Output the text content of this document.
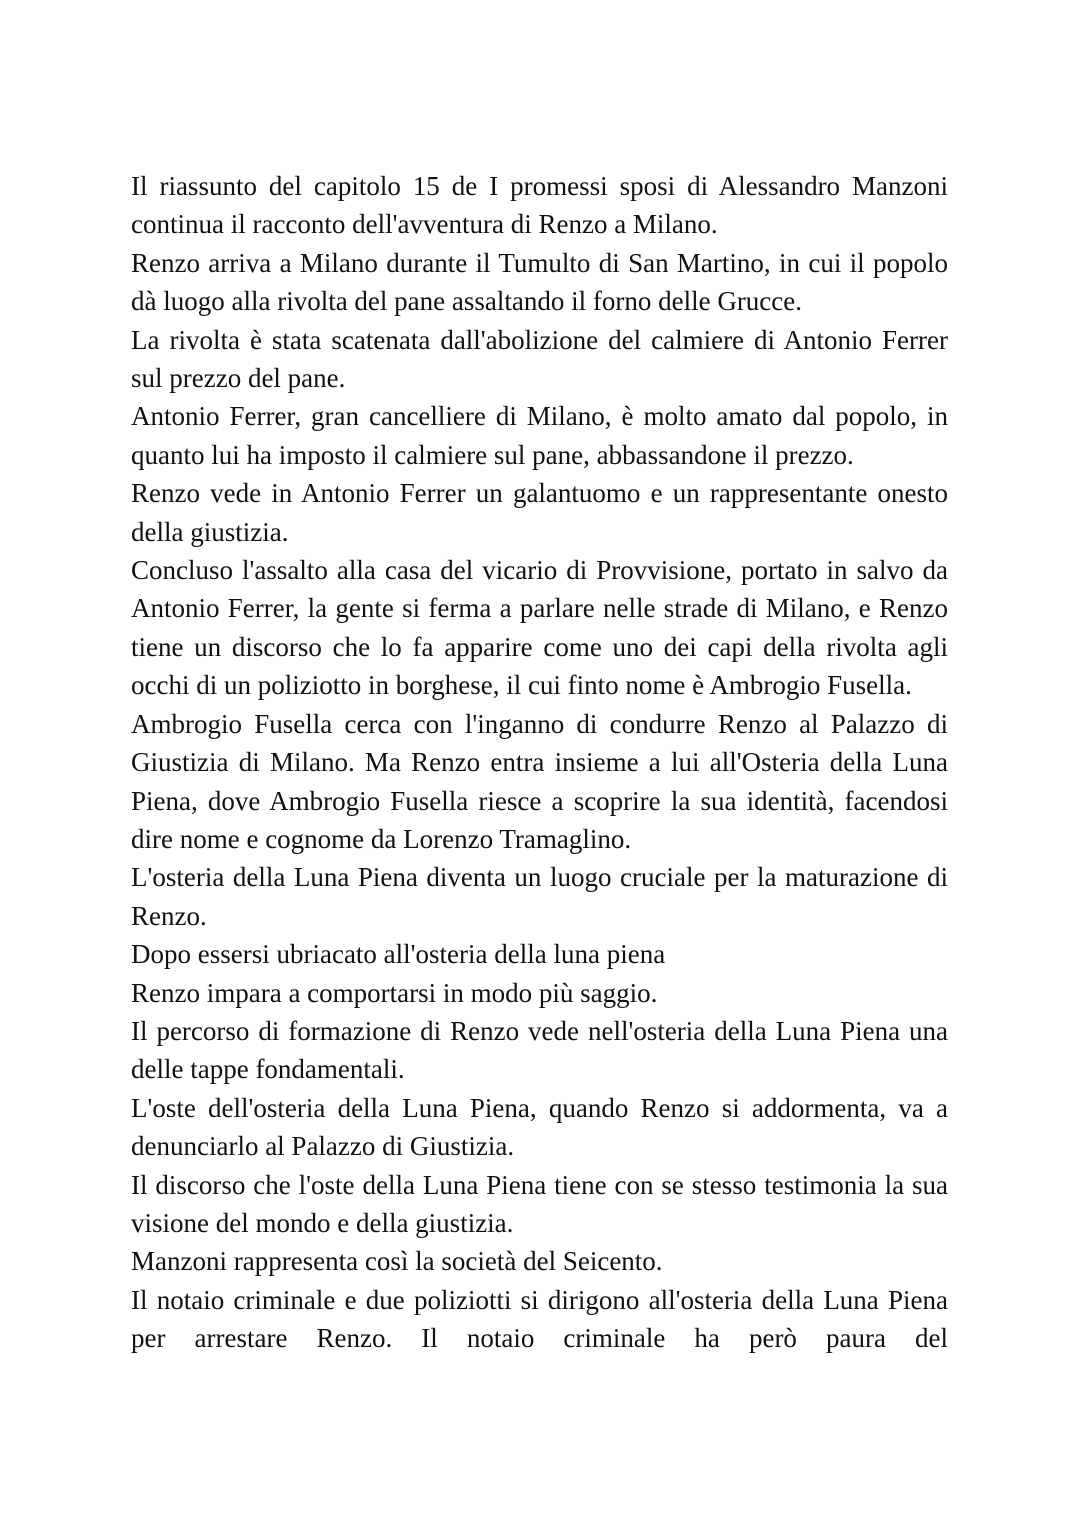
Il riassunto del capitolo 15 de I promessi sposi di Alessandro Manzoni continua il racconto dell'avventura di Renzo a Milano.

Renzo arriva a Milano durante il Tumulto di San Martino, in cui il popolo dà luogo alla rivolta del pane assaltando il forno delle Grucce.

La rivolta è stata scatenata dall'abolizione del calmiere di Antonio Ferrer sul prezzo del pane.

Antonio Ferrer, gran cancelliere di Milano, è molto amato dal popolo, in quanto lui ha imposto il calmiere sul pane, abbassandone il prezzo.

Renzo vede in Antonio Ferrer un galantuomo e un rappresentante onesto della giustizia.

Concluso l'assalto alla casa del vicario di Provvisione, portato in salvo da Antonio Ferrer, la gente si ferma a parlare nelle strade di Milano, e Renzo tiene un discorso che lo fa apparire come uno dei capi della rivolta agli occhi di un poliziotto in borghese, il cui finto nome è Ambrogio Fusella.

Ambrogio Fusella cerca con l'inganno di condurre Renzo al Palazzo di Giustizia di Milano. Ma Renzo entra insieme a lui all'Osteria della Luna Piena, dove Ambrogio Fusella riesce a scoprire la sua identità, facendosi dire nome e cognome da Lorenzo Tramaglino.

L'osteria della Luna Piena diventa un luogo cruciale per la maturazione di Renzo.

Dopo essersi ubriacato all'osteria della luna piena

Renzo impara a comportarsi in modo più saggio.

Il percorso di formazione di Renzo vede nell'osteria della Luna Piena una delle tappe fondamentali.

L'oste dell'osteria della Luna Piena, quando Renzo si addormenta, va a denunciarlo al Palazzo di Giustizia.

Il discorso che l'oste della Luna Piena tiene con se stesso testimonia la sua visione del mondo e della giustizia.

Manzoni rappresenta così la società del Seicento.

Il notaio criminale e due poliziotti si dirigono all'osteria della Luna Piena per arrestare Renzo. Il notaio criminale ha però paura del
